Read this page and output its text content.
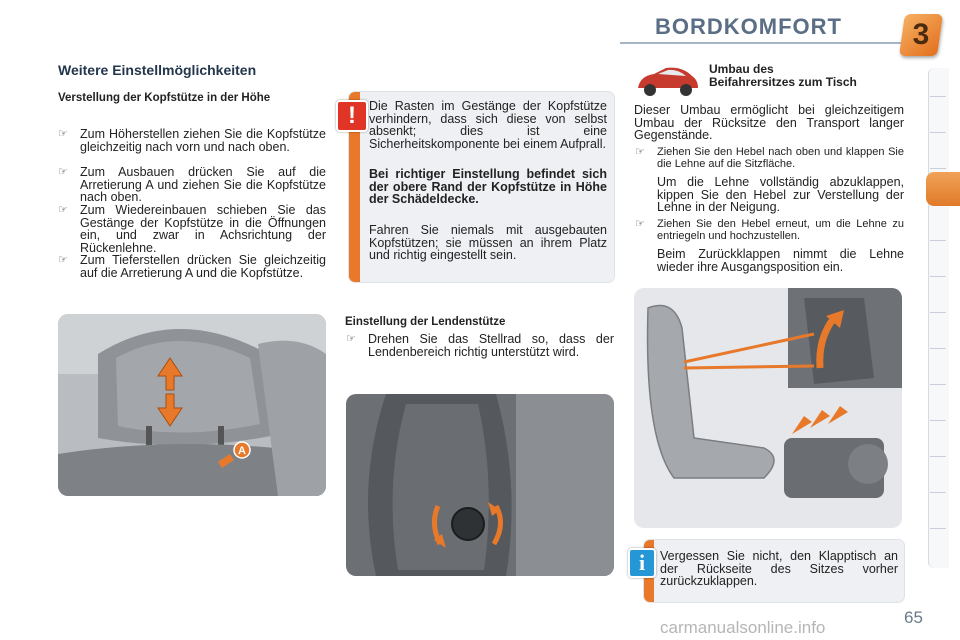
BORDKOMFORT	3
Weitere Einstellmöglichkeiten
Verstellung der Kopfstütze in der Höhe
☞ Zum Höherstellen ziehen Sie die Kopfstütze gleichzeitig nach vorn und nach oben.
☞ Zum Ausbauen drücken Sie auf die Arretierung A und ziehen Sie die Kopfstütze nach oben.
☞ Zum Wiedereinbauen schieben Sie das Gestänge der Kopfstütze in die Öffnungen ein, und zwar in Achsrichtung der Rückenlehne.
☞ Zum Tieferstellen drücken Sie gleichzeitig auf die Arretierung A und die Kopfstütze.
A
!	Die Rasten im Gestänge der Kopfstütze verhindern, dass sich diese von selbst absenkt; dies ist eine Sicherheitskomponente bei einem Aufprall.
Bei richtiger Einstellung befindet sich der obere Rand der Kopfstütze in Höhe der Schädeldecke.
Fahren Sie niemals mit ausgebauten Kopfstützen; sie müssen an ihrem Platz und richtig eingestellt sein.
Einstellung der Lendenstütze
☞ Drehen Sie das Stellrad so, dass der Lendenbereich richtig unterstützt wird.
Umbau des
Beifahrersitzes zum Tisch
Dieser Umbau ermöglicht bei gleichzeitigem Umbau der Rücksitze den Transport langer Gegenstände.
☞ Ziehen Sie den Hebel nach oben und klappen Sie die Lehne auf die Sitzfläche.
Um die Lehne vollständig abzuklappen, kippen Sie den Hebel zur Verstellung der Lehne in der Neigung.
☞ Ziehen Sie den Hebel erneut, um die Lehne zu entriegeln und hochzustellen.
Beim Zurückklappen nimmt die Lehne wieder ihre Ausgangsposition ein.
i	Vergessen Sie nicht, den Klapptisch an der Rückseite des Sitzes vorher zurückzuklappen.
65
carmanualsonline.info
